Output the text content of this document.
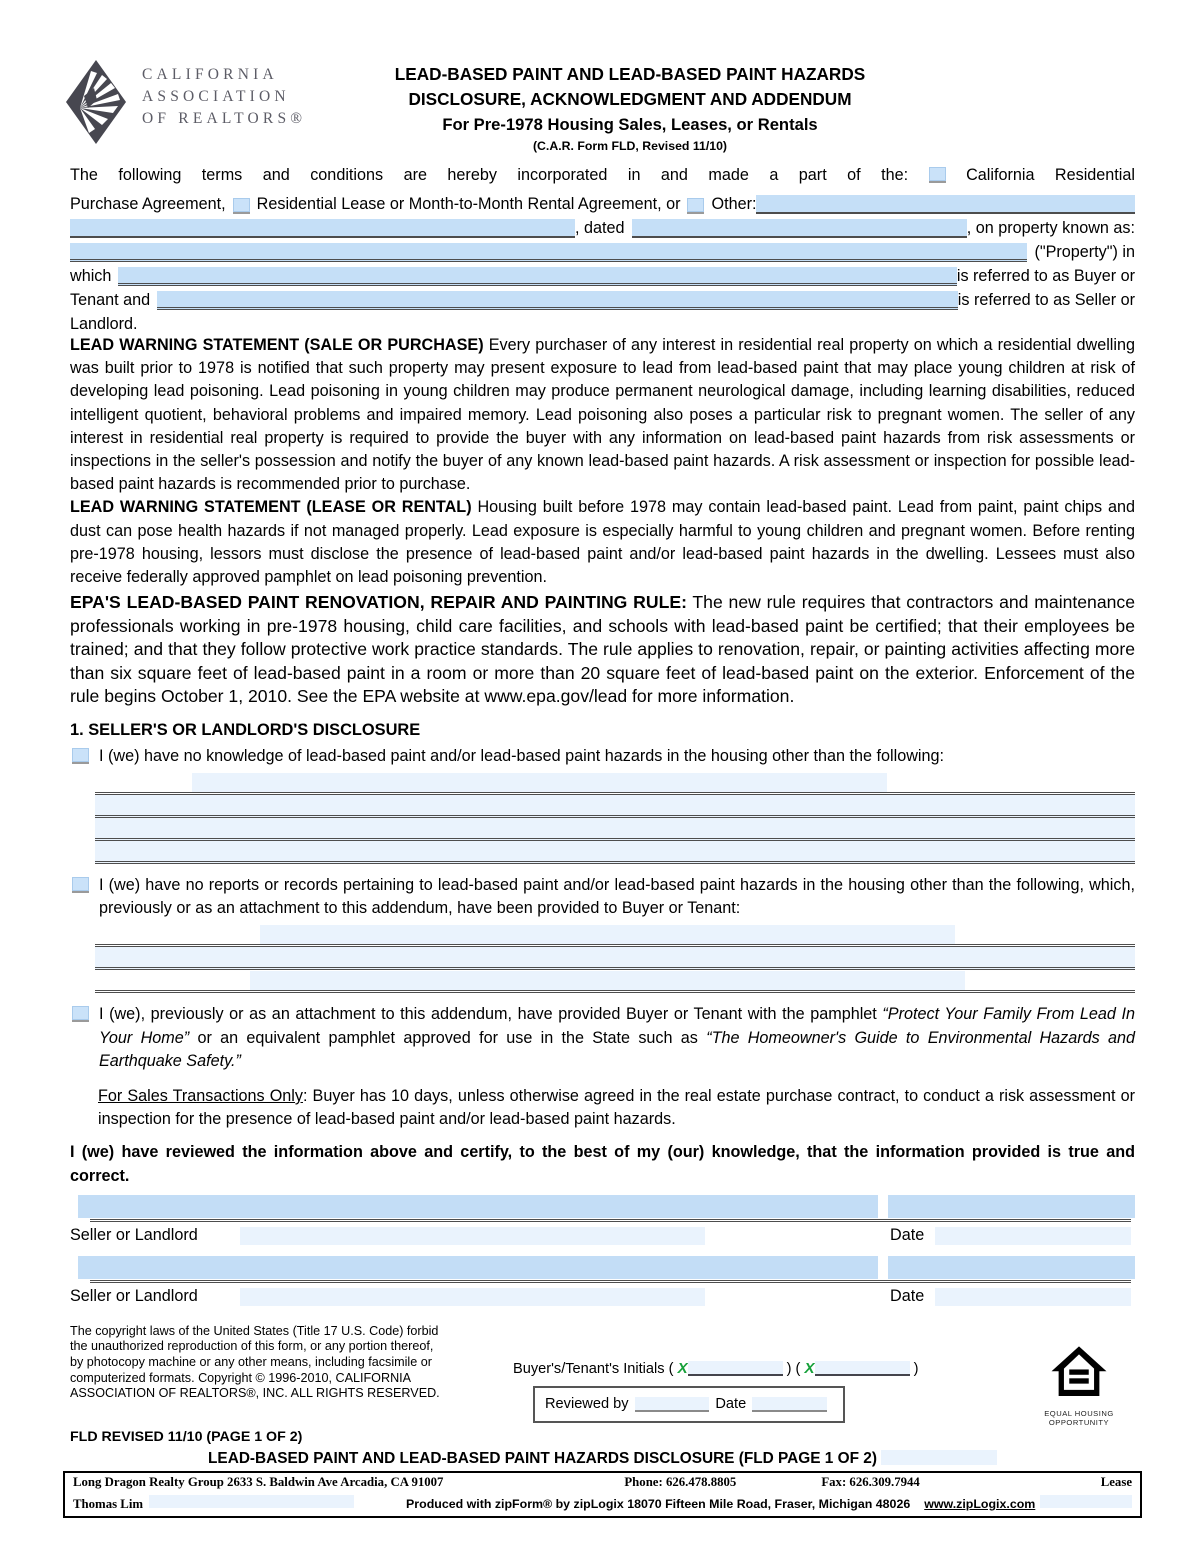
CALIFORNIA
ASSOCIATION
OF REALTORS®
LEAD-BASED PAINT AND LEAD-BASED PAINT HAZARDS
DISCLOSURE, ACKNOWLEDGMENT AND ADDENDUM
For Pre-1978 Housing Sales, Leases, or Rentals
(C.A.R. Form FLD, Revised 11/10)
The following terms and conditions are hereby incorporated in and made a part of the:	California Residential
Purchase Agreement, Residential Lease or Month-to-Month Rental Agreement, or Other:
, dated	, on property known as:
("Property") in
which	is referred to as Buyer or
Tenant and	is referred to as Seller or
Landlord.

LEAD WARNING STATEMENT (SALE OR PURCHASE) Every purchaser of any interest in residential real property on which a residential dwelling was built prior to 1978 is notified that such property may present exposure to lead from lead-based paint that may place young children at risk of developing lead poisoning. Lead poisoning in young children may produce permanent neurological damage, including learning disabilities, reduced intelligent quotient, behavioral problems and impaired memory. Lead poisoning also poses a particular risk to pregnant women. The seller of any interest in residential real property is required to provide the buyer with any information on lead-based paint hazards from risk assessments or inspections in the seller's possession and notify the buyer of any known lead-based paint hazards. A risk assessment or inspection for possible lead-based paint hazards is recommended prior to purchase.

LEAD WARNING STATEMENT (LEASE OR RENTAL) Housing built before 1978 may contain lead-based paint. Lead from paint, paint chips and dust can pose health hazards if not managed properly. Lead exposure is especially harmful to young children and pregnant women. Before renting pre-1978 housing, lessors must disclose the presence of lead-based paint and/or lead-based paint hazards in the dwelling. Lessees must also receive federally approved pamphlet on lead poisoning prevention.

EPA'S LEAD-BASED PAINT RENOVATION, REPAIR AND PAINTING RULE: The new rule requires that contractors and maintenance professionals working in pre-1978 housing, child care facilities, and schools with lead-based paint be certified; that their employees be trained; and that they follow protective work practice standards. The rule applies to renovation, repair, or painting activities affecting more than six square feet of lead-based paint in a room or more than 20 square feet of lead-based paint on the exterior. Enforcement of the rule begins October 1, 2010. See the EPA website at www.epa.gov/lead for more information.

1. SELLER'S OR LANDLORD'S DISCLOSURE
I (we) have no knowledge of lead-based paint and/or lead-based paint hazards in the housing other than the following:
I (we) have no reports or records pertaining to lead-based paint and/or lead-based paint hazards in the housing other than the following, which, previously or as an attachment to this addendum, have been provided to Buyer or Tenant:
I (we), previously or as an attachment to this addendum, have provided Buyer or Tenant with the pamphlet “Protect Your Family From Lead In Your Home” or an equivalent pamphlet approved for use in the State such as “The Homeowner's Guide to Environmental Hazards and Earthquake Safety.”
For Sales Transactions Only: Buyer has 10 days, unless otherwise agreed in the real estate purchase contract, to conduct a risk assessment or inspection for the presence of lead-based paint and/or lead-based paint hazards.
I (we) have reviewed the information above and certify, to the best of my (our) knowledge, that the information provided is true and correct.
Seller or Landlord	Date
Seller or Landlord	Date
The copyright laws of the United States (Title 17 U.S. Code) forbid
the unauthorized reproduction of this form, or any portion thereof,
by photocopy machine or any other means, including facsimile or
computerized formats. Copyright © 1996-2010, CALIFORNIA
ASSOCIATION OF REALTORS®, INC. ALL RIGHTS RESERVED.
Buyer's/Tenant's Initials ( X	) ( X	)
Reviewed by	Date
EQUAL HOUSING
OPPORTUNITY
FLD REVISED 11/10 (PAGE 1 OF 2)
LEAD-BASED PAINT AND LEAD-BASED PAINT HAZARDS DISCLOSURE (FLD PAGE 1 OF 2)
Long Dragon Realty Group 2633 S. Baldwin Ave Arcadia, CA 91007	Phone: 626.478.8805	Fax: 626.309.7944	Lease
Thomas Lim	Produced with zipForm® by zipLogix 18070 Fifteen Mile Road, Fraser, Michigan 48026 www.zipLogix.com
